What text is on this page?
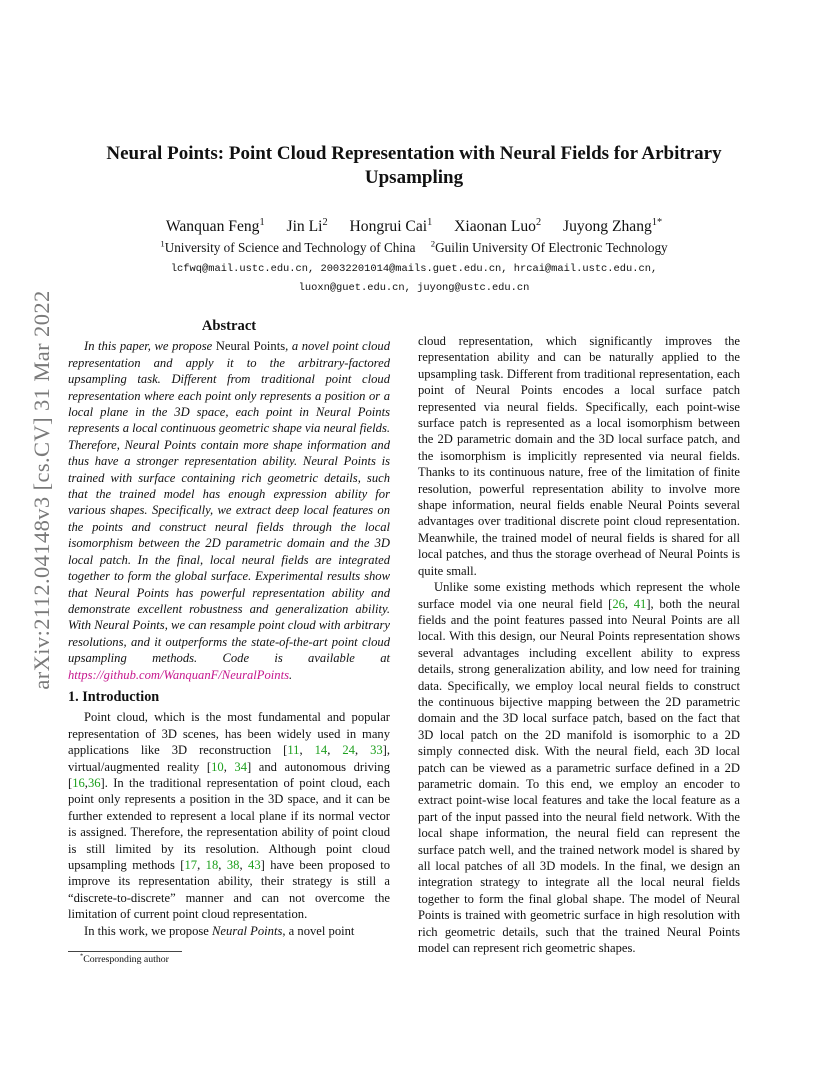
arXiv:2112.04148v3 [cs.CV] 31 Mar 2022
Neural Points: Point Cloud Representation with Neural Fields for Arbitrary Upsampling
Wanquan Feng$^1$ Jin Li$^2$ Hongrui Cai$^1$ Xiaonan Luo$^2$ Juyong Zhang$^{1*}$
$^1$University of Science and Technology of China $^2$Guilin University Of Electronic Technology
lcfwq@mail.ustc.edu.cn, 20032201014@mails.guet.edu.cn, hrcai@mail.ustc.edu.cn,
luoxn@guet.edu.cn, juyong@ustc.edu.cn
Abstract

In this paper, we propose Neural Points, a novel point cloud representation and apply it to the arbitrary-factored upsampling task. Different from traditional point cloud representation where each point only represents a position or a local plane in the 3D space, each point in Neural Points represents a local continuous geometric shape via neural fields. Therefore, Neural Points contain more shape information and thus have a stronger representation ability. Neural Points is trained with surface containing rich geometric details, such that the trained model has enough expression ability for various shapes. Specifically, we extract deep local features on the points and construct neural fields through the local isomorphism between the 2D parametric domain and the 3D local patch. In the final, local neural fields are integrated together to form the global surface. Experimental results show that Neural Points has powerful representation ability and demonstrate excellent robustness and generalization ability. With Neural Points, we can resample point cloud with arbitrary resolutions, and it outperforms the state-of-the-art point cloud upsampling methods. Code is available at https://github.com/WanquanF/NeuralPoints.

1. Introduction

Point cloud, which is the most fundamental and popular representation of 3D scenes, has been widely used in many applications like 3D reconstruction [11, 14, 24, 33], virtual/augmented reality [10, 34] and autonomous driving [16,36]. In the traditional representation of point cloud, each point only represents a position in the 3D space, and it can be further extended to represent a local plane if its normal vector is assigned. Therefore, the representation ability of point cloud is still limited by its resolution. Although point cloud upsampling methods [17, 18, 38, 43] have been proposed to improve its representation ability, their strategy is still a “discrete-to-discrete” manner and can not overcome the limitation of current point cloud representation.

In this work, we propose Neural Points, a novel point

*Corresponding author

cloud representation, which significantly improves the representation ability and can be naturally applied to the upsampling task. Different from traditional representation, each point of Neural Points encodes a local surface patch represented via neural fields. Specifically, each point-wise surface patch is represented as a local isomorphism between the 2D parametric domain and the 3D local surface patch, and the isomorphism is implicitly represented via neural fields. Thanks to its continuous nature, free of the limitation of finite resolution, powerful representation ability to involve more shape information, neural fields enable Neural Points several advantages over traditional discrete point cloud representation. Meanwhile, the trained model of neural fields is shared for all local patches, and thus the storage overhead of Neural Points is quite small.

Unlike some existing methods which represent the whole surface model via one neural field [26, 41], both the neural fields and the point features passed into Neural Points are all local. With this design, our Neural Points representation shows several advantages including excellent ability to express details, strong generalization ability, and low need for training data. Specifically, we employ local neural fields to construct the continuous bijective mapping between the 2D parametric domain and the 3D local surface patch, based on the fact that 3D local patch on the 2D manifold is isomorphic to a 2D simply connected disk. With the neural field, each 3D local patch can be viewed as a parametric surface defined in a 2D parametric domain. To this end, we employ an encoder to extract point-wise local features and take the local feature as a part of the input passed into the neural field network. With the local shape information, the neural field can represent the surface patch well, and the trained network model is shared by all local patches of all 3D models. In the final, we design an integration strategy to integrate all the local neural fields together to form the final global shape. The model of Neural Points is trained with geometric surface in high resolution with rich geometric details, such that the trained Neural Points model can represent rich geometric shapes.
